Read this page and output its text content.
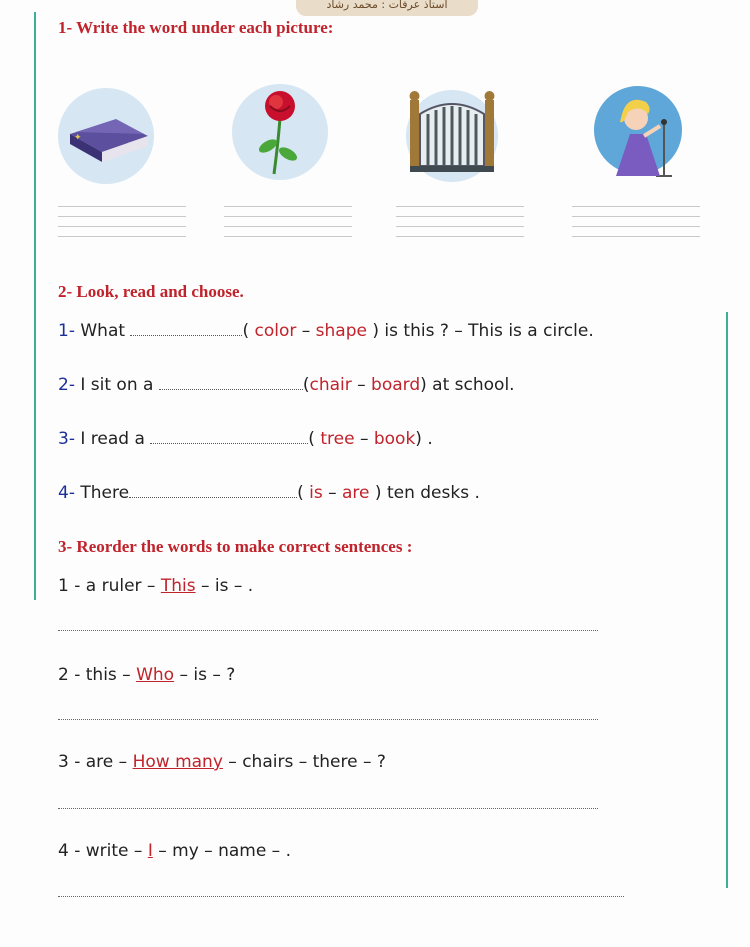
استاذ عرفات : محمد رشاد
1- Write the word under each picture:
✦
2- Look, read and choose.
1- What	( color – shape ) is this ? – This is a circle.
2- I sit on a	(chair – board) at school.
3- I read a	( tree – book) .
4- There	( is – are ) ten desks .
3- Reorder the words to make correct sentences :
1 - a ruler – This – is – .
2 - this – Who – is – ?
3 - are – How many – chairs – there – ?
4 - write – I – my – name – .
